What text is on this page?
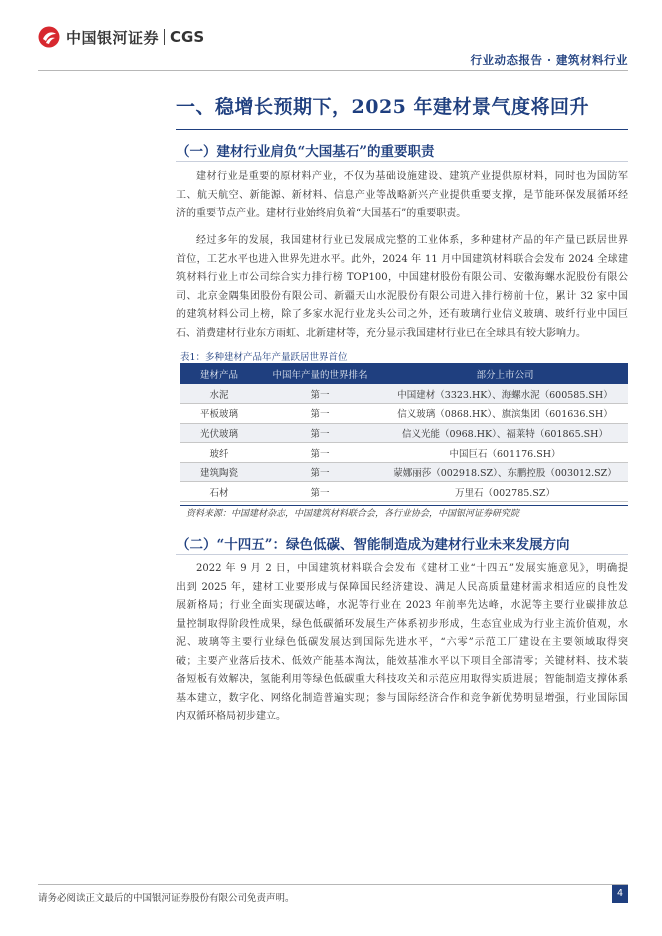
中国银河证券 CGS
行业动态报告 · 建筑材料行业
一、稳增长预期下，2025 年建材景气度将回升
（一）建材行业肩负“大国基石”的重要职责
建材行业是重要的原材料产业，不仅为基础设施建设、建筑产业提供原材料，同时也为国防军
工、航天航空、新能源、新材料、信息产业等战略新兴产业提供重要支撑，是节能环保发展循环经
济的重要节点产业。建材行业始终肩负着“大国基石”的重要职责。
经过多年的发展，我国建材行业已发展成完整的工业体系，多种建材产品的年产量已跃居世界
首位，工艺水平也进入世界先进水平。此外，2024 年 11 月中国建筑材料联合会发布 2024 全球建
筑材料行业上市公司综合实力排行榜 TOP100，中国建材股份有限公司、安徽海螺水泥股份有限公
司、北京金隅集团股份有限公司、新疆天山水泥股份有限公司进入排行榜前十位，累计 32 家中国
的建筑材料公司上榜，除了多家水泥行业龙头公司之外，还有玻璃行业信义玻璃、玻纤行业中国巨
石、消费建材行业东方雨虹、北新建材等，充分显示我国建材行业已在全球具有较大影响力。
表1：多种建材产品年产量跃居世界首位
建材产品	中国年产量的世界排名	部分上市公司
水泥	第一	中国建材（3323.HK）、海螺水泥（600585.SH）
平板玻璃	第一	信义玻璃（0868.HK）、旗滨集团（601636.SH）
光伏玻璃	第一	信义光能（0968.HK）、福莱特（601865.SH）
玻纤	第一	中国巨石（601176.SH）
建筑陶瓷	第一	蒙娜丽莎（002918.SZ）、东鹏控股（003012.SZ）
石材	第一	万里石（002785.SZ）
资料来源：中国建材杂志，中国建筑材料联合会，各行业协会，中国银河证券研究院
（二）“十四五”：绿色低碳、智能制造成为建材行业未来发展方向
2022 年 9 月 2 日，中国建筑材料联合会发布《建材工业“十四五”发展实施意见》，明确提
出到 2025 年，建材工业要形成与保障国民经济建设、满足人民高质量建材需求相适应的良性发
展新格局；行业全面实现碳达峰，水泥等行业在 2023 年前率先达峰，水泥等主要行业碳排放总
量控制取得阶段性成果，绿色低碳循环发展生产体系初步形成，生态宜业成为行业主流价值观，水
泥、玻璃等主要行业绿色低碳发展达到国际先进水平，“六零”示范工厂建设在主要领域取得突
破；主要产业落后技术、低效产能基本淘汰，能效基准水平以下项目全部清零；关键材料、技术装
备短板有效解决，氢能利用等绿色低碳重大科技攻关和示范应用取得实质进展；智能制造支撑体系
基本建立，数字化、网络化制造普遍实现；参与国际经济合作和竞争新优势明显增强，行业国际国
内双循环格局初步建立。
请务必阅读正文最后的中国银河证券股份有限公司免责声明。	4
